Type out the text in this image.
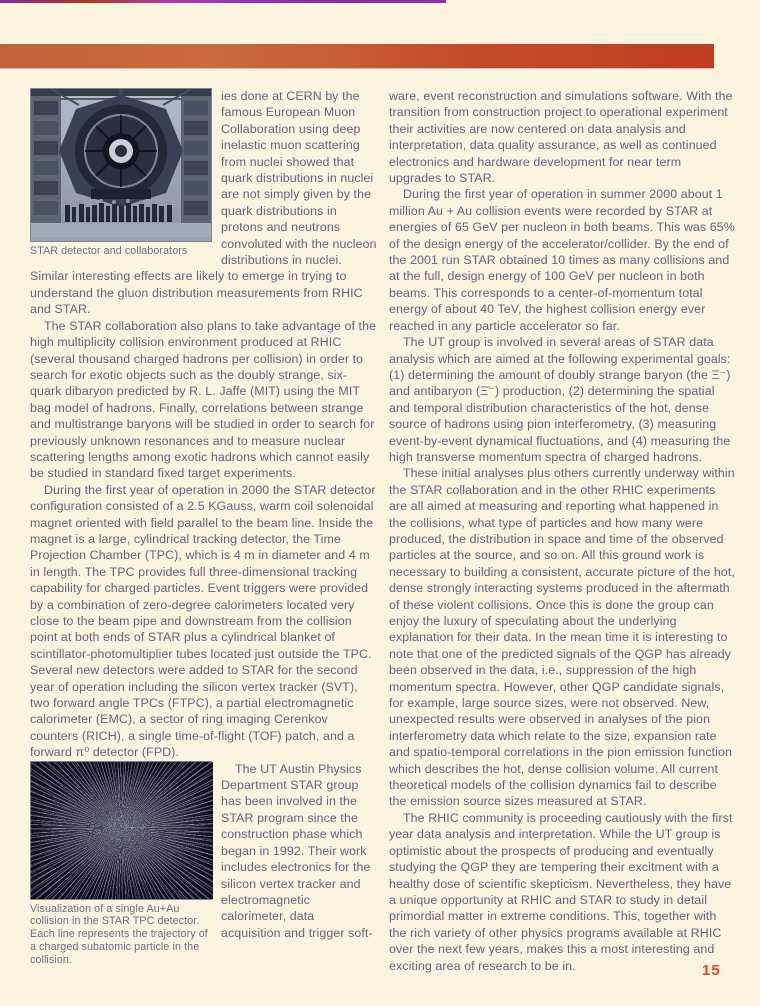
STAR detector and collaborators

ies done at CERN by the famous European Muon Collaboration using deep inelastic muon scattering from nuclei showed that quark distributions in nuclei are not simply given by the quark distributions in protons and neutrons convoluted with the nucleon distributions in nuclei. Similar interesting effects are likely to emerge in trying to understand the gluon distribution measurements from RHIC and STAR.

The STAR collaboration also plans to take advantage of the high multiplicity collision environment produced at RHIC (several thousand charged hadrons per collision) in order to search for exotic objects such as the doubly strange, six-quark dibaryon predicted by R. L. Jaffe (MIT) using the MIT bag model of hadrons. Finally, correlations between strange and multistrange baryons will be studied in order to search for previously unknown resonances and to measure nuclear scattering lengths among exotic hadrons which cannot easily be studied in standard fixed target experiments.

During the first year of operation in 2000 the STAR detector configuration consisted of a 2.5 KGauss, warm coil solenoidal magnet oriented with field parallel to the beam line. Inside the magnet is a large, cylindrical tracking detector, the Time Projection Chamber (TPC), which is 4 m in diameter and 4 m in length. The TPC provides full three-dimensional tracking capability for charged particles. Event triggers were provided by a combination of zero-degree calorimeters located very close to the beam pipe and downstream from the collision point at both ends of STAR plus a cylindrical blanket of scintillator-photomultiplier tubes located just outside the TPC. Several new detectors were added to STAR for the second year of operation including the silicon vertex tracker (SVT), two forward angle TPCs (FTPC), a partial electromagnetic calorimeter (EMC), a sector of ring imaging Cerenkov counters (RICH), a single time-of-flight (TOF) patch, and a forward π⁰ detector (FPD).

Visualization of a single Au+Au collision in the STAR TPC detector. Each line represents the trajectory of a charged subatomic particle in the collision.

The UT Austin Physics Department STAR group has been involved in the STAR program since the construction phase which began in 1992. Their work includes electronics for the silicon vertex tracker and electromagnetic calorimeter, data acquisition and trigger soft-

ware, event reconstruction and simulations software. With the transition from construction project to operational experiment their activities are now centered on data analysis and interpretation, data quality assurance, as well as continued electronics and hardware development for near term upgrades to STAR.

During the first year of operation in summer 2000 about 1 million Au + Au collision events were recorded by STAR at energies of 65 GeV per nucleon in both beams. This was 65% of the design energy of the accelerator/collider. By the end of the 2001 run STAR obtained 10 times as many collisions and at the full, design energy of 100 GeV per nucleon in both beams. This corresponds to a center-of-momentum total energy of about 40 TeV, the highest collision energy ever reached in any particle accelerator so far.

The UT group is involved in several areas of STAR data analysis which are aimed at the following experimental goals: (1) determining the amount of doubly strange baryon (the Ξ⁻) and antibaryon (Ξ̄⁻) production, (2) determining the spatial and temporal distribution characteristics of the hot, dense source of hadrons using pion interferometry, (3) measuring event-by-event dynamical fluctuations, and (4) measuring the high transverse momentum spectra of charged hadrons.

These initial analyses plus others currently underway within the STAR collaboration and in the other RHIC experiments are all aimed at measuring and reporting what happened in the collisions, what type of particles and how many were produced, the distribution in space and time of the observed particles at the source, and so on. All this ground work is necessary to building a consistent, accurate picture of the hot, dense strongly interacting systems produced in the aftermath of these violent collisions. Once this is done the group can enjoy the luxury of speculating about the underlying explanation for their data. In the mean time it is interesting to note that one of the predicted signals of the QGP has already been observed in the data, i.e., suppression of the high momentum spectra. However, other QGP candidate signals, for example, large source sizes, were not observed. New, unexpected results were observed in analyses of the pion interferometry data which relate to the size, expansion rate and spatio-temporal correlations in the pion emission function which describes the hot, dense collision volume. All current theoretical models of the collision dynamics fail to describe the emission source sizes measured at STAR.

The RHIC community is proceeding cautiously with the first year data analysis and interpretation. While the UT group is optimistic about the prospects of producing and eventually studying the QGP they are tempering their excitment with a healthy dose of scientific skepticism. Nevertheless, they have a unique opportunity at RHIC and STAR to study in detail primordial matter in extreme conditions. This, together with the rich variety of other physics programs available at RHIC over the next few years, makes this a most interesting and exciting area of research to be in.	15
